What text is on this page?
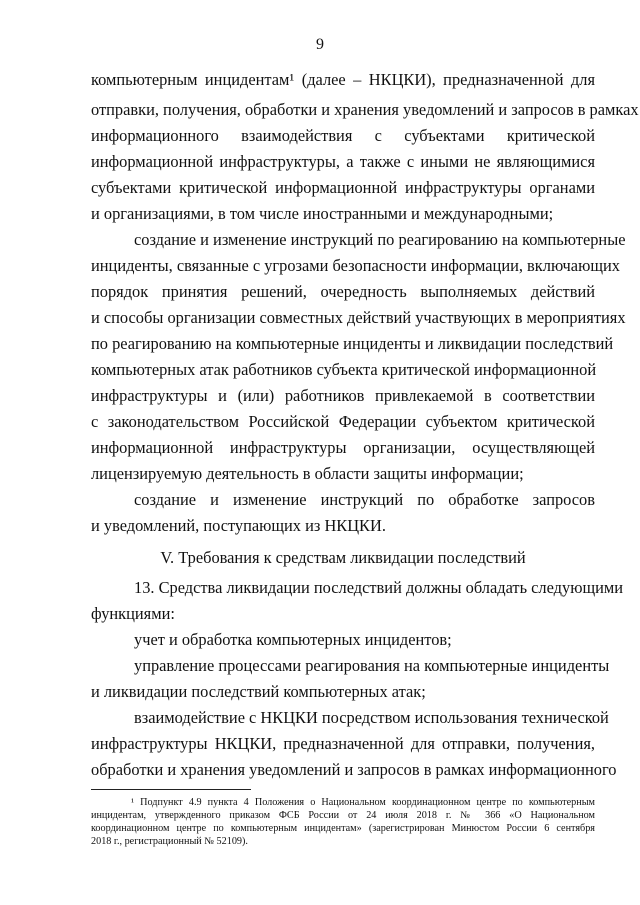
9
компьютерным инцидентам¹ (далее – НКЦКИ), предназначенной для
отправки, получения, обработки и хранения уведомлений и запросов в рамках
информационного взаимодействия с субъектами критической
информационной инфраструктуры, а также с иными не являющимися
субъектами критической информационной инфраструктуры органами
и организациями, в том числе иностранными и международными;
создание и изменение инструкций по реагированию на компьютерные
инциденты, связанные с угрозами безопасности информации, включающих
порядок принятия решений, очередность выполняемых действий
и способы организации совместных действий участвующих в мероприятиях
по реагированию на компьютерные инциденты и ликвидации последствий
компьютерных атак работников субъекта критической информационной
инфраструктуры и (или) работников привлекаемой в соответствии
с законодательством Российской Федерации субъектом критической
информационной инфраструктуры организации, осуществляющей
лицензируемую деятельность в области защиты информации;
создание и изменение инструкций по обработке запросов
и уведомлений, поступающих из НКЦКИ.
V. Требования к средствам ликвидации последствий
13. Средства ликвидации последствий должны обладать следующими
функциями:
учет и обработка компьютерных инцидентов;
управление процессами реагирования на компьютерные инциденты
и ликвидации последствий компьютерных атак;
взаимодействие с НКЦКИ посредством использования технической
инфраструктуры НКЦКИ, предназначенной для отправки, получения,
обработки и хранения уведомлений и запросов в рамках информационного
¹ Подпункт 4.9 пункта 4 Положения о Национальном координационном центре по компьютерным
инцидентам, утвержденного приказом ФСБ России от 24 июля 2018 г. № 366 «О Национальном
координационном центре по компьютерным инцидентам» (зарегистрирован Минюстом России 6 сентября
2018 г., регистрационный № 52109).
